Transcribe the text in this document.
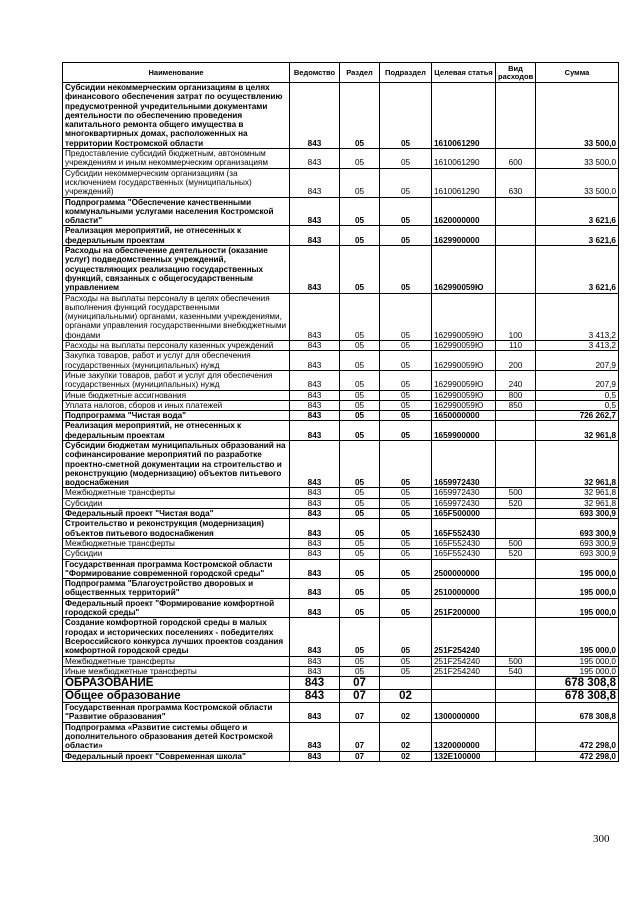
Наименование	Ведомство	Раздел	Подраздел	Целевая статья	Вид расходов	Сумма
Субсидии некоммерческим организациям в целях финансового обеспечения затрат по осуществлению предусмотренной учредительными документами деятельности по обеспечению проведения капитального ремонта общего имущества в многоквартирных домах, расположенных на территории Костромской области	843	05	05	1610061290		33 500,0
Предоставление субсидий бюджетным, автономным учреждениям и иным некоммерческим организациям	843	05	05	1610061290	600	33 500,0
Субсидии некоммерческим организациям (за исключением государственных (муниципальных) учреждений)	843	05	05	1610061290	630	33 500,0
Подпрограмма "Обеспечение качественными коммунальными услугами населения Костромской области"	843	05	05	1620000000		3 621,6
Реализация мероприятий, не отнесенных к федеральным проектам	843	05	05	1629900000		3 621,6
Расходы на обеспечение деятельности (оказание услуг) подведомственных учреждений, осуществляющих реализацию государственных функций, связанных с общегосударственным управлением	843	05	05	162990059Ю		3 621,6
Расходы на выплаты персоналу в целях обеспечения выполнения функций государственными (муниципальными) органами, казенными учреждениями, органами управления государственными внебюджетными фондами	843	05	05	162990059Ю	100	3 413,2
Расходы на выплаты персоналу казенных учреждений	843	05	05	162990059Ю	110	3 413,2
Закупка товаров, работ и услуг для обеспечения государственных (муниципальных) нужд	843	05	05	162990059Ю	200	207,9
Иные закупки товаров, работ и услуг для обеспечения государственных (муниципальных) нужд	843	05	05	162990059Ю	240	207,9
Иные бюджетные ассигнования	843	05	05	162990059Ю	800	0,5
Уплата налогов, сборов и иных платежей	843	05	05	162990059Ю	850	0,5
Подпрограмма "Чистая вода"	843	05	05	1650000000		726 262,7
Реализация мероприятий, не отнесенных к федеральным проектам	843	05	05	1659900000		32 961,8
Субсидии бюджетам муниципальных образований на софинансирование мероприятий по разработке проектно-сметной документации на строительство и реконструкцию (модернизацию) объектов питьевого водоснабжения	843	05	05	1659972430		32 961,8
Межбюджетные трансферты	843	05	05	1659972430	500	32 961,8
Субсидии	843	05	05	1659972430	520	32 961,8
Федеральный проект "Чистая вода"	843	05	05	165F500000		693 300,9
Строительство и реконструкция (модернизация) объектов питьевого водоснабжения	843	05	05	165F552430		693 300,9
Межбюджетные трансферты	843	05	05	165F552430	500	693 300,9
Субсидии	843	05	05	165F552430	520	693 300,9
Государственная программа Костромской области "Формирование современной городской среды"	843	05	05	2500000000		195 000,0
Подпрограмма "Благоустройство дворовых и общественных территорий"	843	05	05	2510000000		195 000,0
Федеральный проект "Формирование комфортной городской среды"	843	05	05	251F200000		195 000,0
Создание комфортной городской среды в малых городах и исторических поселениях - победителях Всероссийского конкурса лучших проектов создания комфортной городской среды	843	05	05	251F254240		195 000,0
Межбюджетные трансферты	843	05	05	251F254240	500	195 000,0
Иные межбюджетные трансферты	843	05	05	251F254240	540	195 000,0
ОБРАЗОВАНИЕ	843	07				678 308,8
Общее образование	843	07	02			678 308,8
Государственная программа Костромской области "Развитие образования"	843	07	02	1300000000		678 308,8
Подпрограмма «Развитие системы общего и дополнительного образования детей Костромской области»	843	07	02	1320000000		472 298,0
Федеральный проект "Современная школа"	843	07	02	132E100000		472 298,0
300
